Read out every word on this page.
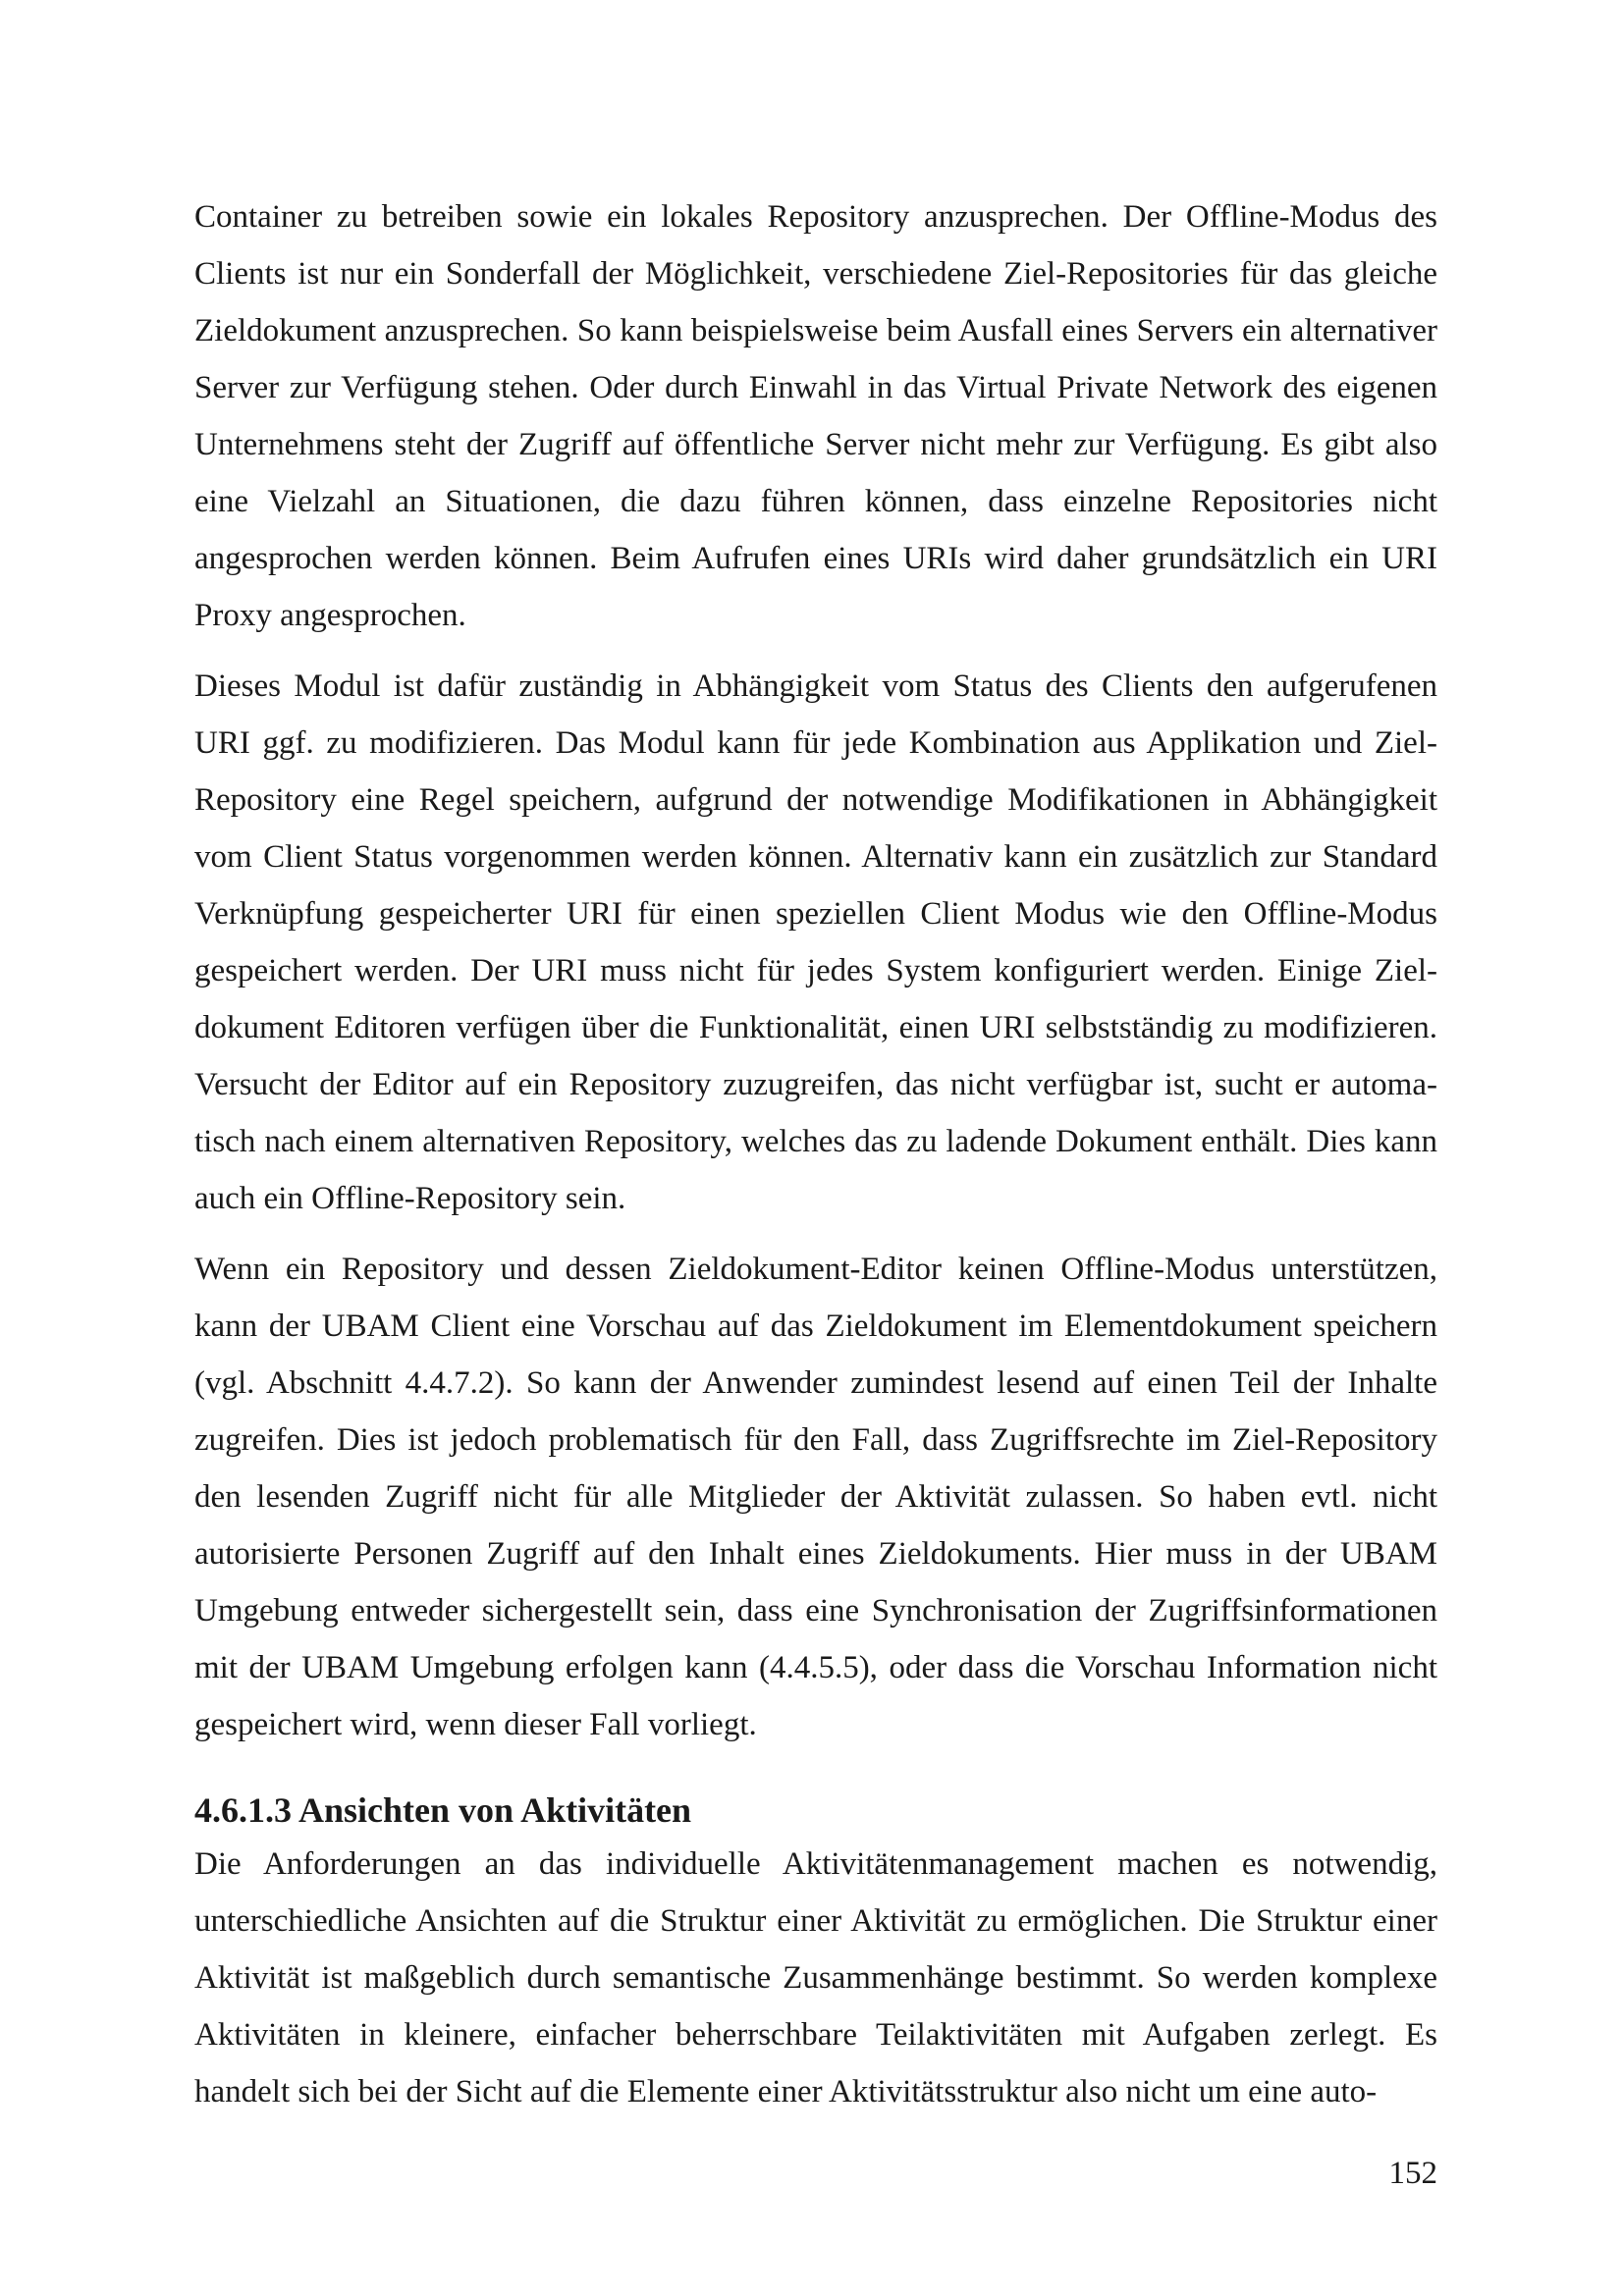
Container zu betreiben sowie ein lokales Repository anzusprechen. Der Offline-Modus des Clients ist nur ein Sonderfall der Möglichkeit, verschiedene Ziel-Repositories für das gleiche Zieldokument anzusprechen. So kann beispielsweise beim Ausfall eines Servers ein alternativer Server zur Verfügung stehen. Oder durch Einwahl in das Virtual Private Network des eigenen Unternehmens steht der Zugriff auf öffentliche Server nicht mehr zur Verfügung. Es gibt also eine Vielzahl an Situationen, die dazu führen können, dass einzelne Repositories nicht angesprochen werden können. Beim Aufrufen eines URIs wird daher grundsätzlich ein URI Proxy angesprochen.

Dieses Modul ist dafür zuständig in Abhängigkeit vom Status des Clients den aufgerufenen URI ggf. zu modifizieren. Das Modul kann für jede Kombination aus Applikation und Ziel-Repository eine Regel speichern, aufgrund der notwendige Modifikationen in Abhängigkeit vom Client Status vorgenommen werden können. Alternativ kann ein zusätzlich zur Standard Verknüpfung gespeicherter URI für einen speziellen Client Modus wie den Offline-Modus gespeichert werden. Der URI muss nicht für jedes System konfiguriert werden. Einige Ziel-dokument Editoren verfügen über die Funktionalität, einen URI selbstständig zu modifizieren. Versucht der Editor auf ein Repository zuzugreifen, das nicht verfügbar ist, sucht er automa-tisch nach einem alternativen Repository, welches das zu ladende Dokument enthält. Dies kann auch ein Offline-Repository sein.

Wenn ein Repository und dessen Zieldokument-Editor keinen Offline-Modus unterstützen, kann der UBAM Client eine Vorschau auf das Zieldokument im Elementdokument speichern (vgl. Abschnitt 4.4.7.2). So kann der Anwender zumindest lesend auf einen Teil der Inhalte zugreifen. Dies ist jedoch problematisch für den Fall, dass Zugriffsrechte im Ziel-Repository den lesenden Zugriff nicht für alle Mitglieder der Aktivität zulassen. So haben evtl. nicht autorisierte Personen Zugriff auf den Inhalt eines Zieldokuments. Hier muss in der UBAM Umgebung entweder sichergestellt sein, dass eine Synchronisation der Zugriffsinformationen mit der UBAM Umgebung erfolgen kann (4.4.5.5), oder dass die Vorschau Information nicht gespeichert wird, wenn dieser Fall vorliegt.

4.6.1.3 Ansichten von Aktivitäten

Die Anforderungen an das individuelle Aktivitätenmanagement machen es notwendig, unterschiedliche Ansichten auf die Struktur einer Aktivität zu ermöglichen. Die Struktur einer Aktivität ist maßgeblich durch semantische Zusammenhänge bestimmt. So werden komplexe Aktivitäten in kleinere, einfacher beherrschbare Teilaktivitäten mit Aufgaben zerlegt. Es handelt sich bei der Sicht auf die Elemente einer Aktivitätsstruktur also nicht um eine auto-

152
